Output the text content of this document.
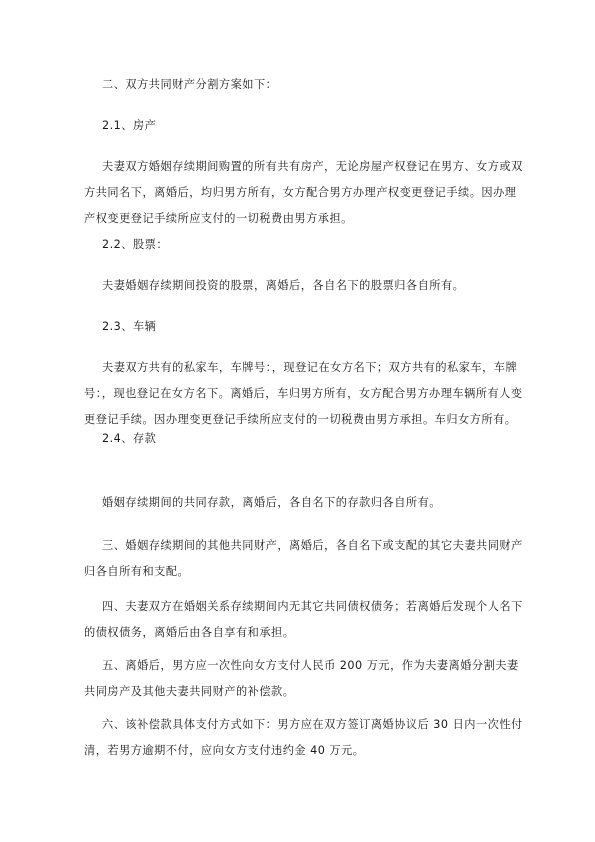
二、双方共同财产分割方案如下：

2.1、房产

夫妻双方婚姻存续期间购置的所有共有房产，无论房屋产权登记在男方、女方或双方共同名下，离婚后，均归男方所有，女方配合男方办理产权变更登记手续。因办理产权变更登记手续所应支付的一切税费由男方承担。

2.2、股票：

夫妻婚姻存续期间投资的股票，离婚后，各自名下的股票归各自所有。

2.3、车辆

夫妻双方共有的私家车，车牌号：，现登记在女方名下；双方共有的私家车，车牌号：，现也登记在女方名下。离婚后，车归男方所有，女方配合男方办理车辆所有人变更登记手续。因办理变更登记手续所应支付的一切税费由男方承担。车归女方所有。

2.4、存款

婚姻存续期间的共同存款，离婚后，各自名下的存款归各自所有。

三、婚姻存续期间的其他共同财产，离婚后，各自名下或支配的其它夫妻共同财产归各自所有和支配。

四、夫妻双方在婚姻关系存续期间内无其它共同债权债务；若离婚后发现个人名下的债权债务，离婚后由各自享有和承担。

五、离婚后，男方应一次性向女方支付人民币 200 万元，作为夫妻离婚分割夫妻共同房产及其他夫妻共同财产的补偿款。

六、该补偿款具体支付方式如下：男方应在双方签订离婚协议后 30 日内一次性付清，若男方逾期不付，应向女方支付违约金 40 万元。
